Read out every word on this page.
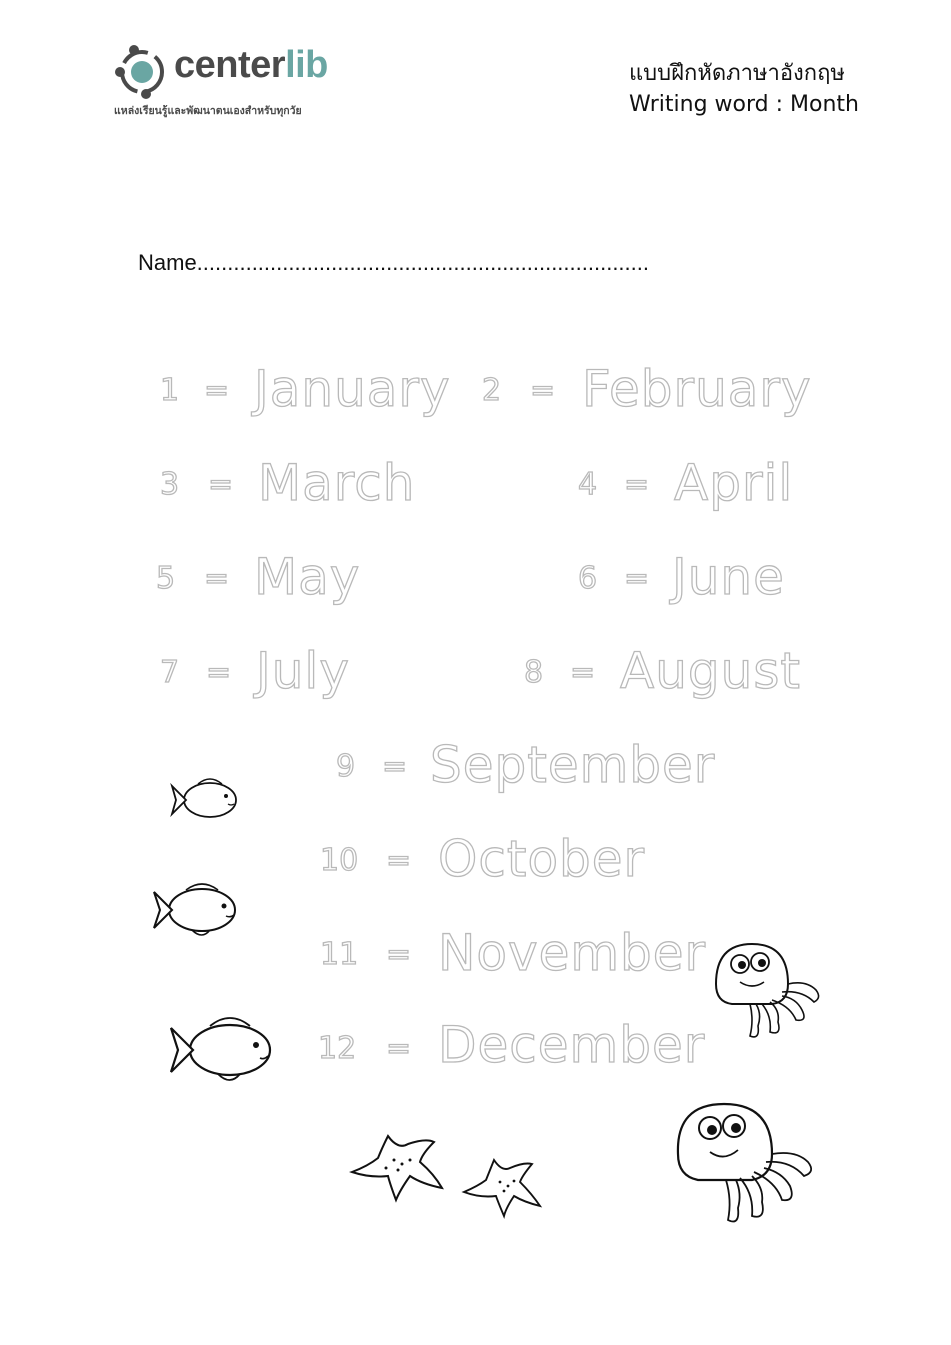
centerlib
แหล่งเรียนรู้และพัฒนาตนเองสำหรับทุกวัย
แบบฝึกหัดภาษาอังกฤษ
Writing word : Month
Name..........................................................................
1 = January 2 = February
3 = March	4 = April
5 = May	6 = June
7 = July	8 = August
9 = September
10 = October
11 = November
12 = December
